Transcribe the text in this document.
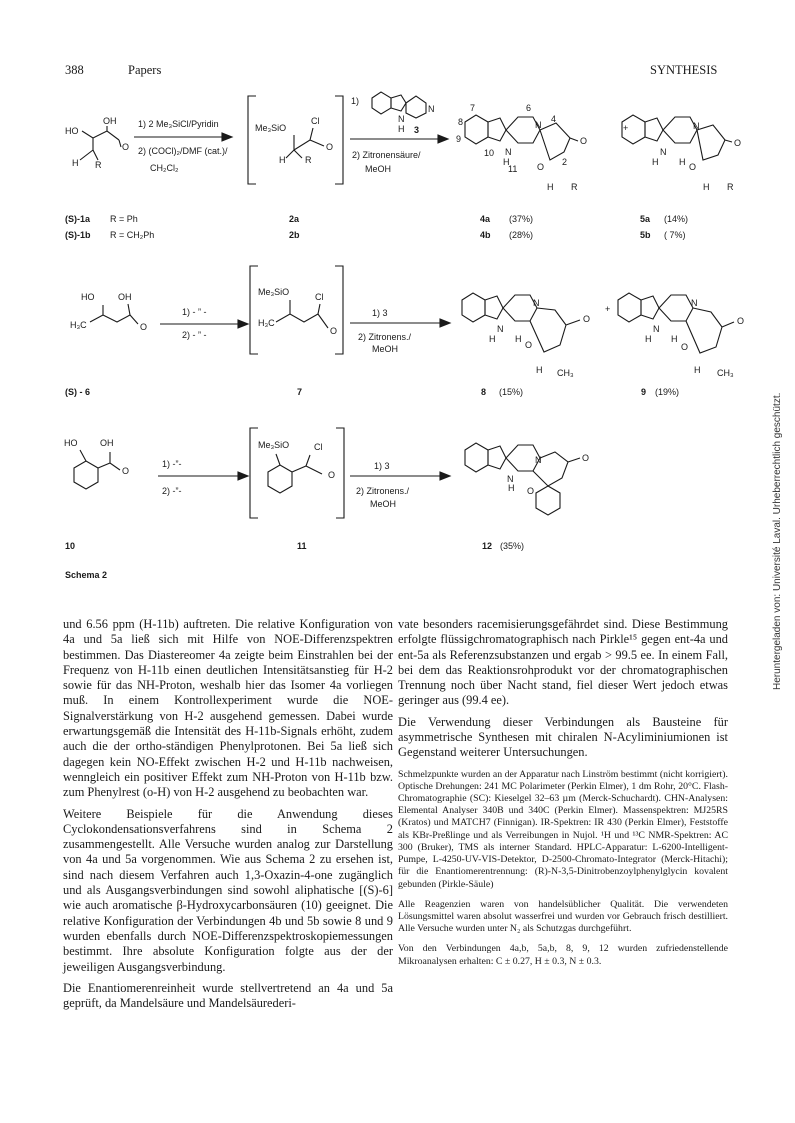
388	Papers	SYNTHESIS
HO
OH
O
H R
1) 2 Me₃SiCl/Pyridin
2) (COCl)₂/DMF (cat.)/
CH₂Cl₂
Me₃SiO
Cl
O
H R
1)
N
H
N
3
2) Zitronensäure/
MeOH
N
H
N
O
O
H R
7	6
8
9
10
11
4
2
+
N
H H
N
O
O
H R
(S)-1a
(S)-1b
R = Ph
R = CH₂Ph
2a
2b
4a
4b
(37%)
(28%)
5a
5b
(14%)
( 7%)
HO	OH
H₃C	O
1) - ” -
2) - ” -
Me₃SiO	Cl
H₃C
O
1) 3
2) Zitronens./
MeOH
N
H H
N
O
O
H CH₃
+
N
H H
N
O
O
H CH₃
(S) - 6	7	8 (15%)	9 (19%)
HO	OH
O
1) -”-
2) -”-
Me₃SiO	Cl
O
1) 3
2) Zitronens./
MeOH
N
H
N	O
O
10	11	12 (35%)
Schema 2

und 6.56 ppm (H-11b) auftreten. Die relative Konfiguration von 4a und 5a ließ sich mit Hilfe von NOE-Differenzspektren bestimmen. Das Diastereomer 4a zeigte beim Einstrahlen bei der Frequenz von H-11b einen deutlichen Intensitätsanstieg für H-2 sowie für das NH-Proton, weshalb hier das Isomer 4a vorliegen muß. In einem Kontrollexperiment wurde die NOE-Signalverstärkung von H-2 ausgehend gemessen. Dabei wurde erwartungsgemäß die Intensität des H-11b-Signals erhöht, zudem auch die der ortho-ständigen Phenylprotonen. Bei 5a ließ sich dagegen kein NO-Effekt zwischen H-2 und H-11b nachweisen, wenngleich ein positiver Effekt zum NH-Proton von H-11b bzw. zum Phenylrest (o-H) von H-2 ausgehend zu beobachten war.

Weitere Beispiele für die Anwendung dieses Cyclokondensationsverfahrens sind in Schema 2 zusammengestellt. Alle Versuche wurden analog zur Darstellung von 4a und 5a vorgenommen. Wie aus Schema 2 zu ersehen ist, sind nach diesem Verfahren auch 1,3-Oxazin-4-one zugänglich und als Ausgangsverbindungen sind sowohl aliphatische [(S)-6] wie auch aromatische β-Hydroxycarbonsäuren (10) geeignet. Die relative Konfiguration der Verbindungen 4b und 5b sowie 8 und 9 wurden ebenfalls durch NOE-Differenzspektroskopiemessungen bestimmt. Ihre absolute Konfiguration folgte aus der der jeweiligen Ausgangsverbindung.

Die Enantiomerenreinheit wurde stellvertretend an 4a und 5a geprüft, da Mandelsäure und Mandelsäurederi-

vate besonders racemisierungsgefährdet sind. Diese Bestimmung erfolgte flüssigchromatographisch nach Pirkle¹⁵ gegen ent-4a und ent-5a als Referenzsubstanzen und ergab > 99.5 ee. In einem Fall, bei dem das Reaktionsrohprodukt vor der chromatographischen Trennung noch über Nacht stand, fiel dieser Wert jedoch etwas geringer aus (99.4 ee).

Die Verwendung dieser Verbindungen als Bausteine für asymmetrische Synthesen mit chiralen N-Acyliminiumionen ist Gegenstand weiterer Untersuchungen.

Schmelzpunkte wurden an der Apparatur nach Linström bestimmt (nicht korrigiert). Optische Drehungen: 241 MC Polarimeter (Perkin Elmer), 1 dm Rohr, 20°C. Flash-Chromatographie (SC): Kieselgel 32–63 µm (Merck-Schuchardt). CHN-Analysen: Elemental Analyser 340B und 340C (Perkin Elmer). Massenspektren: MJ25RS (Kratos) und MATCH7 (Finnigan). IR-Spektren: IR 430 (Perkin Elmer), Feststoffe als KBr-Preßlinge und als Verreibungen in Nujol. ¹H und ¹³C NMR-Spektren: AC 300 (Bruker), TMS als interner Standard. HPLC-Apparatur: L-6200-Intelligent-Pumpe, L-4250-UV-VIS-Detektor, D-2500-Chromato-Integrator (Merck-Hitachi); für die Enantiomerentrennung: (R)-N-3,5-Dinitrobenzoylphenylglycin kovalent gebunden (Pirkle-Säule)

Alle Reagenzien waren von handelsüblicher Qualität. Die verwendeten Lösungsmittel waren absolut wasserfrei und wurden vor Gebrauch frisch destilliert. Alle Versuche wurden unter N₂ als Schutzgas durchgeführt.

Von den Verbindungen 4a,b, 5a,b, 8, 9, 12 wurden zufriedenstellende Mikroanalysen erhalten: C ± 0.27, H ± 0.3, N ± 0.3.

Heruntergeladen von: Université Laval. Urheberrechtlich geschützt.
